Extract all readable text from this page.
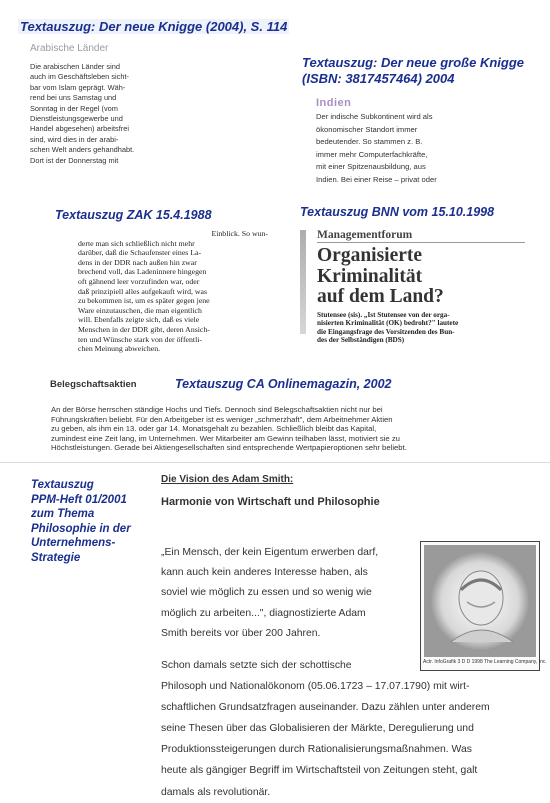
Textauszug: Der neue Knigge (2004), S. 114
Textauszug: Der neue große Knigge
(ISBN: 3817457464) 2004
Textauszug ZAK 15.4.1988	Textauszug BNN vom 15.10.1998
Textauszug CA Onlinemagazin, 2002
Textauszug
PPM-Heft 01/2001
zum Thema
Philosophie in der
Unternehmens-
Strategie
Arabische Länder

Die arabischen Länder sind

auch im Geschäftsleben sicht-

bar vom Islam geprägt. Wäh-

rend bei uns Samstag und

Sonntag in der Regel (vom

Dienstleistungsgewerbe und

Handel abgesehen) arbeitsfrei

sind, wird dies in der arabi-

schen Welt anders gehandhabt.

Dort ist der Donnerstag mit

Indien

Der indische Subkontinent wird als

ökonomischer Standort immer

bedeutender. So stammen z. B.

immer mehr Computerfachkräfte,

mit einer Spitzenausbildung, aus

Indien. Bei einer Reise – privat oder

Einblick. So wun-

derte man sich schließlich nicht mehr

darüber, daß die Schaufenster eines La-

dens in der DDR nach außen hin zwar

brechend voll, das Ladeninnere hingegen

oft gähnend leer vorzufinden war, oder

daß prinzipiell alles aufgekauft wird, was

zu bekommen ist, um es später gegen jene

Ware einzutauschen, die man eigentlich

will. Ebenfalls zeigte sich, daß es viele

Menschen in der DDR gibt, deren Ansich-

ten und Wünsche stark von der öffentli-

chen Meinung abweichen.

Managementforum
Organisierte
Kriminalität
auf dem Land?

Stutensee (sis). „Ist Stutensee von der orga-

nisierten Kriminalität (OK) bedroht?" lautete

die Eingangsfrage des Vorsitzenden des Bun-

des der Selbständigen (BDS)

Belegschaftsaktien

An der Börse herrschen ständige Hochs und Tiefs. Dennoch sind Belegschaftsaktien nicht nur bei

Führungskräften beliebt. Für den Arbeitgeber ist es weniger „schmerzhaft", dem Arbeitnehmer Aktien

zu geben, als ihm ein 13. oder gar 14. Monatsgehalt zu bezahlen. Schließlich bleibt das Kapital,

zumindest eine Zeit lang, im Unternehmen. Wer Mitarbeiter am Gewinn teilhaben lässt, motiviert sie zu

Höchstleistungen. Gerade bei Aktiengesellschaften sind entsprechende Wertpapieroptionen sehr beliebt.

Die Vision des Adam Smith:
Harmonie von Wirtschaft und Philosophie

„Ein Mensch, der kein Eigentum erwerben darf,

kann auch kein anderes Interesse haben, als

soviel wie möglich zu essen und so wenig wie

möglich zu arbeiten...", diagnostizierte Adam

Smith bereits vor über 200 Jahren.

Actr. InfoGrafik 3 D D 1998 The Learning Company, Inc.

Schon damals setzte sich der schottische

Philosoph und Nationalökonom (05.06.1723 – 17.07.1790) mit wirt-

schaftlichen Grundsatzfragen auseinander. Dazu zählen unter anderem

seine Thesen über das Globalisieren der Märkte, Deregulierung und

Produktionssteigerungen durch Rationalisierungsmaßnahmen. Was

heute als gängiger Begriff im Wirtschaftsteil von Zeitungen steht, galt

damals als revolutionär.
